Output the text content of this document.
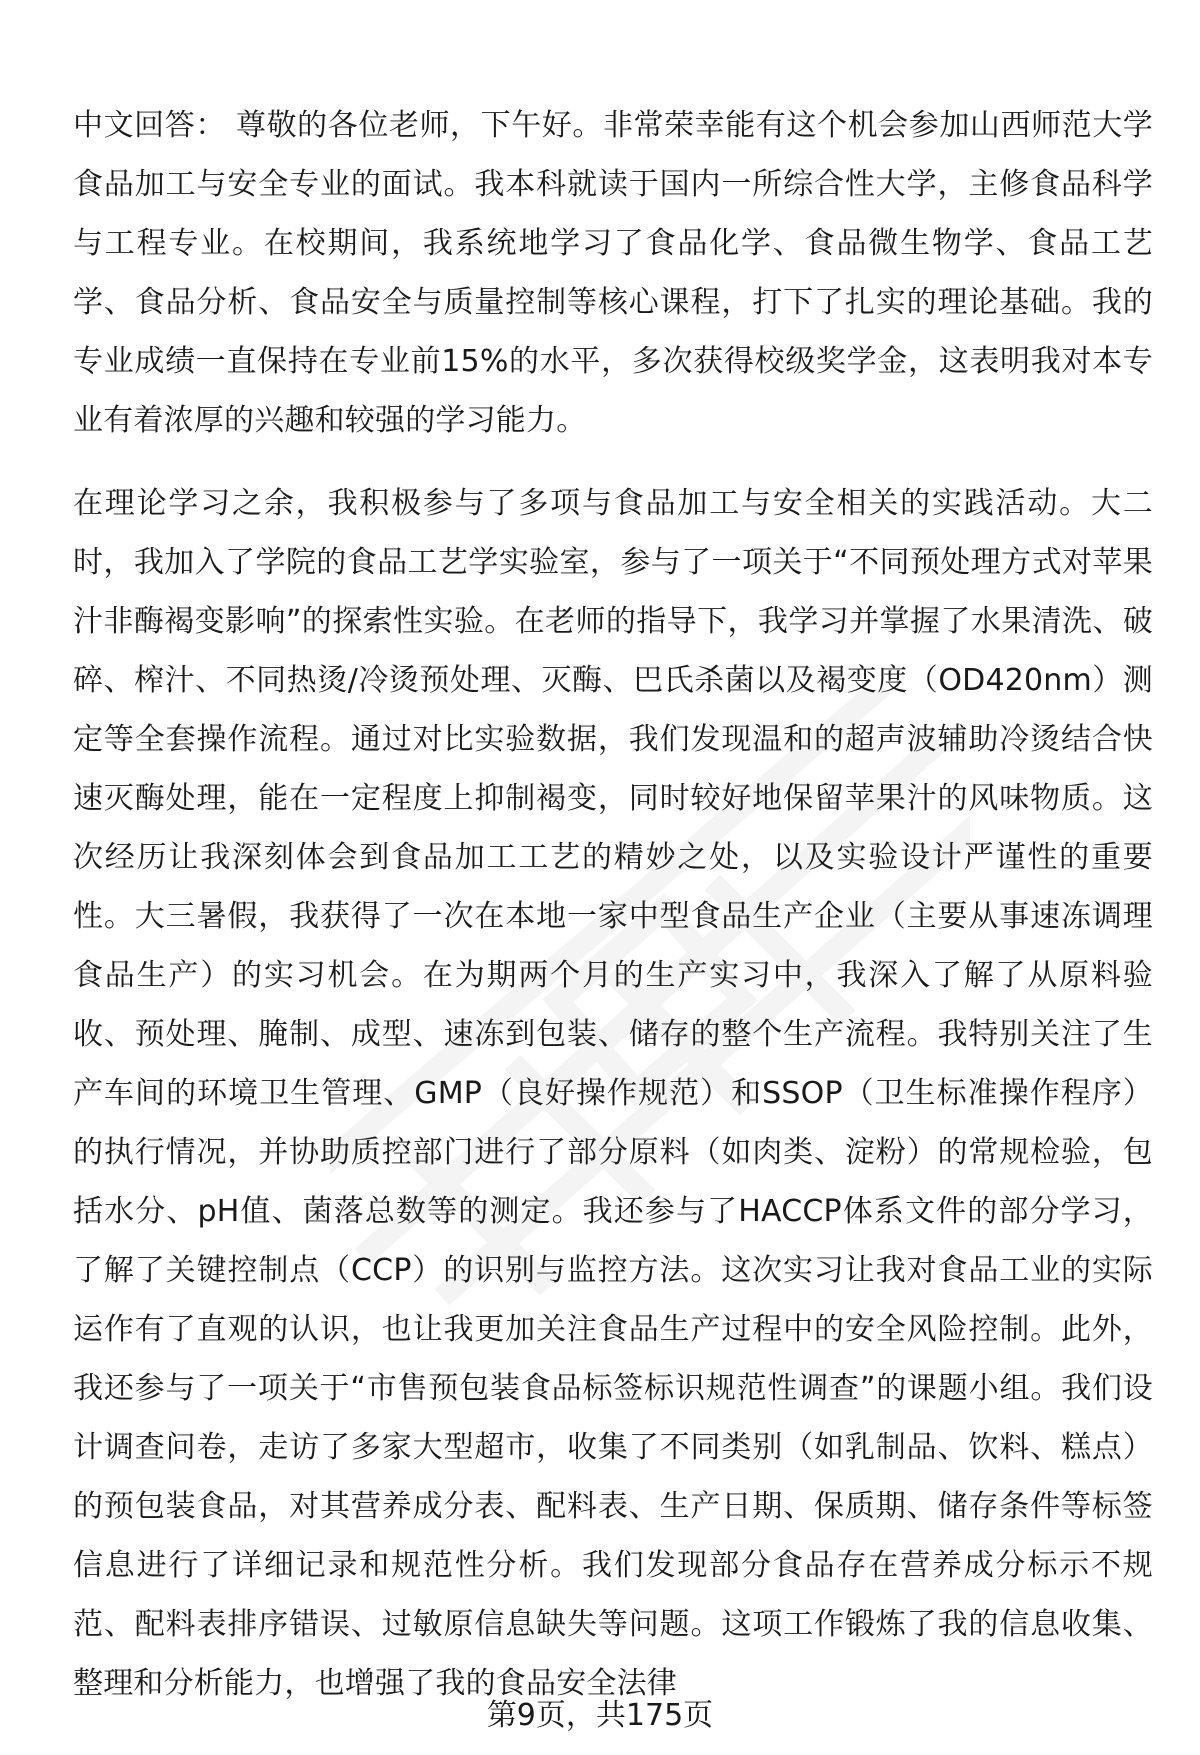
中文回答： 尊敬的各位老师，下午好。非常荣幸能有这个机会参加山西师范大学食品加工与安全专业的面试。我本科就读于国内一所综合性大学，主修食品科学与工程专业。在校期间，我系统地学习了食品化学、食品微生物学、食品工艺学、食品分析、食品安全与质量控制等核心课程，打下了扎实的理论基础。我的专业成绩一直保持在专业前15%的水平，多次获得校级奖学金，这表明我对本专业有着浓厚的兴趣和较强的学习能力。

在理论学习之余，我积极参与了多项与食品加工与安全相关的实践活动。大二时，我加入了学院的食品工艺学实验室，参与了一项关于“不同预处理方式对苹果汁非酶褐变影响”的探索性实验。在老师的指导下，我学习并掌握了水果清洗、破碎、榨汁、不同热烫/冷烫预处理、灭酶、巴氏杀菌以及褐变度（OD420nm）测定等全套操作流程。通过对比实验数据，我们发现温和的超声波辅助冷烫结合快速灭酶处理，能在一定程度上抑制褐变，同时较好地保留苹果汁的风味物质。这次经历让我深刻体会到食品加工工艺的精妙之处，以及实验设计严谨性的重要性。大三暑假，我获得了一次在本地一家中型食品生产企业（主要从事速冻调理食品生产）的实习机会。在为期两个月的生产实习中，我深入了解了从原料验收、预处理、腌制、成型、速冻到包装、储存的整个生产流程。我特别关注了生产车间的环境卫生管理、GMP（良好操作规范）和SSOP（卫生标准操作程序）的执行情况，并协助质控部门进行了部分原料（如肉类、淀粉）的常规检验，包括水分、pH值、菌落总数等的测定。我还参与了HACCP体系文件的部分学习，了解了关键控制点（CCP）的识别与监控方法。这次实习让我对食品工业的实际运作有了直观的认识，也让我更加关注食品生产过程中的安全风险控制。此外，我还参与了一项关于“市售预包装食品标签标识规范性调查”的课题小组。我们设计调查问卷，走访了多家大型超市，收集了不同类别（如乳制品、饮料、糕点）的预包装食品，对其营养成分表、配料表、生产日期、保质期、储存条件等标签信息进行了详细记录和规范性分析。我们发现部分食品存在营养成分标示不规范、配料表排序错误、过敏原信息缺失等问题。这项工作锻炼了我的信息收集、整理和分析能力，也增强了我的食品安全法律

第9页，共175页
